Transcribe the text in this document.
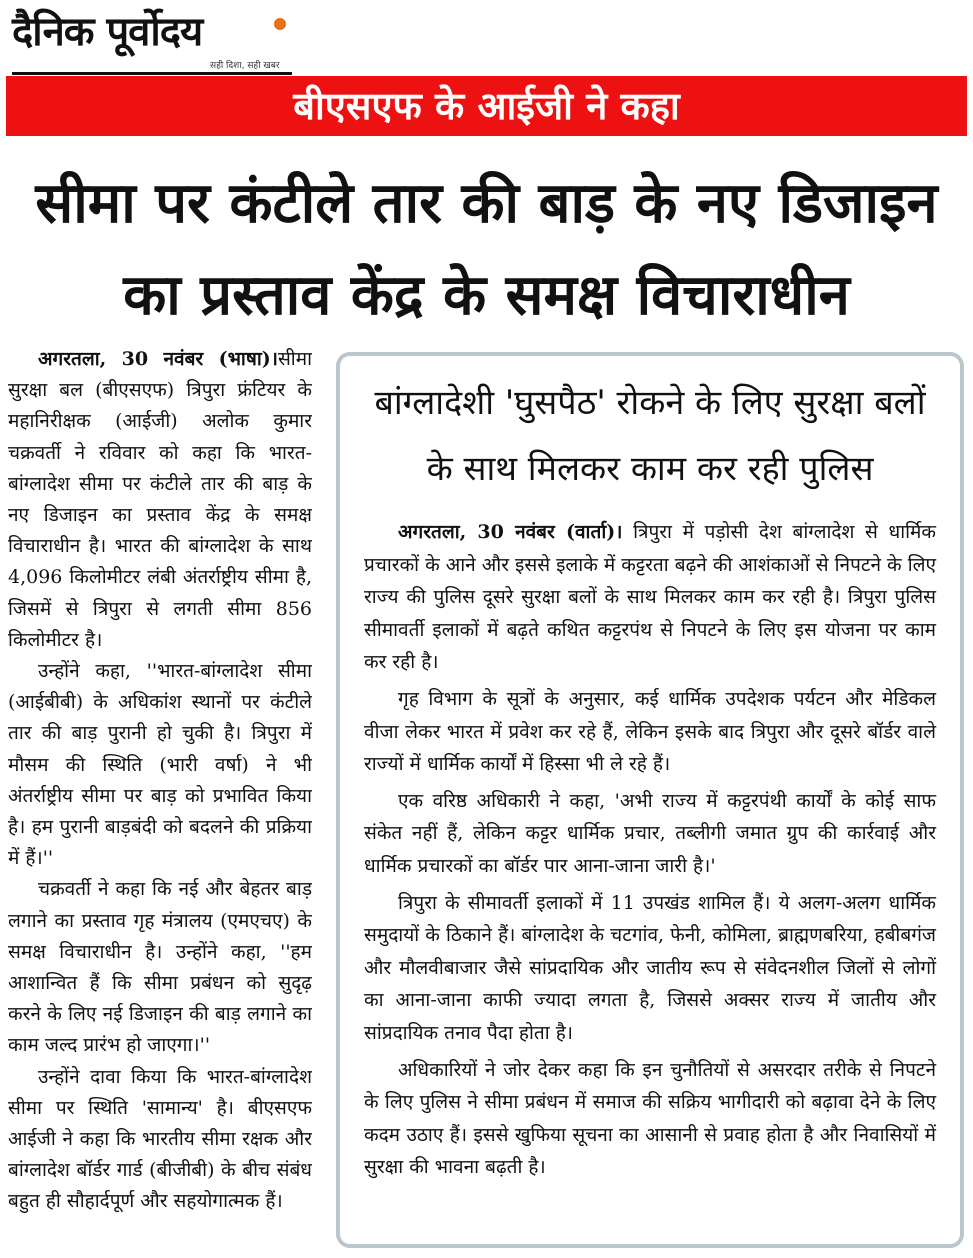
दैनिक पूर्वोदय
सही दिशा, सही खबर
बीएसएफ के आईजी ने कहा
सीमा पर कंटीले तार की बाड़ के नए डिजाइन
का प्रस्ताव केंद्र के समक्ष विचाराधीन

अगरतला, 30 नवंबर (भाषा)।सीमा सुरक्षा बल (बीएसएफ) त्रिपुरा फ्रंटियर के महानिरीक्षक (आईजी) अलोक कुमार चक्रवर्ती ने रविवार को कहा कि भारत-बांग्लादेश सीमा पर कंटीले तार की बाड़ के नए डिजाइन का प्रस्ताव केंद्र के समक्ष विचाराधीन है। भारत की बांग्लादेश के साथ 4,096 किलोमीटर लंबी अंतर्राष्ट्रीय सीमा है, जिसमें से त्रिपुरा से लगती सीमा 856 किलोमीटर है।

उन्होंने कहा, ''भारत-बांग्लादेश सीमा (आईबीबी) के अधिकांश स्थानों पर कंटीले तार की बाड़ पुरानी हो चुकी है। त्रिपुरा में मौसम की स्थिति (भारी वर्षा) ने भी अंतर्राष्ट्रीय सीमा पर बाड़ को प्रभावित किया है। हम पुरानी बाड़बंदी को बदलने की प्रक्रिया में हैं।''

चक्रवर्ती ने कहा कि नई और बेहतर बाड़ लगाने का प्रस्ताव गृह मंत्रालय (एमएचए) के समक्ष विचाराधीन है। उन्होंने कहा, ''हम आशान्वित हैं कि सीमा प्रबंधन को सुदृढ़ करने के लिए नई डिजाइन की बाड़ लगाने का काम जल्द प्रारंभ हो जाएगा।''

उन्होंने दावा किया कि भारत-बांग्लादेश सीमा पर स्थिति 'सामान्य' है। बीएसएफ आईजी ने कहा कि भारतीय सीमा रक्षक और बांग्लादेश बॉर्डर गार्ड (बीजीबी) के बीच संबंध बहुत ही सौहार्दपूर्ण और सहयोगात्मक हैं।

बांग्लादेशी 'घुसपैठ' रोकने के लिए सुरक्षा बलों
के साथ मिलकर काम कर रही पुलिस

अगरतला, 30 नवंबर (वार्ता)। त्रिपुरा में पड़ोसी देश बांग्लादेश से धार्मिक प्रचारकों के आने और इससे इलाके में कट्टरता बढ़ने की आशंकाओं से निपटने के लिए राज्य की पुलिस दूसरे सुरक्षा बलों के साथ मिलकर काम कर रही है। त्रिपुरा पुलिस सीमावर्ती इलाकों में बढ़ते कथित कट्टरपंथ से निपटने के लिए इस योजना पर काम कर रही है।

गृह विभाग के सूत्रों के अनुसार, कई धार्मिक उपदेशक पर्यटन और मेडिकल वीजा लेकर भारत में प्रवेश कर रहे हैं, लेकिन इसके बाद त्रिपुरा और दूसरे बॉर्डर वाले राज्यों में धार्मिक कार्यों में हिस्सा भी ले रहे हैं।

एक वरिष्ठ अधिकारी ने कहा, 'अभी राज्य में कट्टरपंथी कार्यों के कोई साफ संकेत नहीं हैं, लेकिन कट्टर धार्मिक प्रचार, तब्लीगी जमात ग्रुप की कार्रवाई और धार्मिक प्रचारकों का बॉर्डर पार आना-जाना जारी है।'

त्रिपुरा के सीमावर्ती इलाकों में 11 उपखंड शामिल हैं। ये अलग-अलग धार्मिक समुदायों के ठिकाने हैं। बांग्लादेश के चटगांव, फेनी, कोमिला, ब्राह्मणबरिया, हबीबगंज और मौलवीबाजार जैसे सांप्रदायिक और जातीय रूप से संवेदनशील जिलों से लोगों का आना-जाना काफी ज्यादा लगता है, जिससे अक्सर राज्य में जातीय और सांप्रदायिक तनाव पैदा होता है।

अधिकारियों ने जोर देकर कहा कि इन चुनौतियों से असरदार तरीके से निपटने के लिए पुलिस ने सीमा प्रबंधन में समाज की सक्रिय भागीदारी को बढ़ावा देने के लिए कदम उठाए हैं। इससे खुफिया सूचना का आसानी से प्रवाह होता है और निवासियों में सुरक्षा की भावना बढ़ती है।
